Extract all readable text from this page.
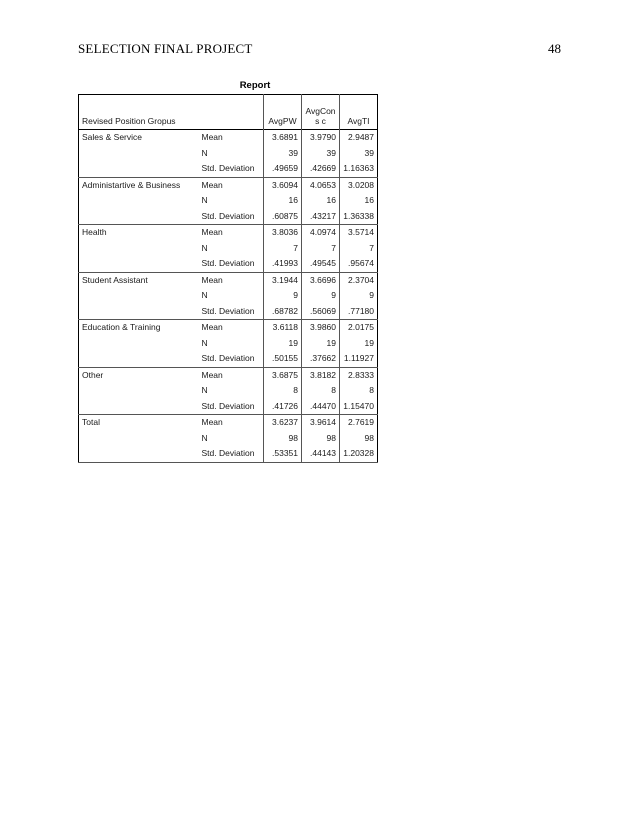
SELECTION FINAL PROJECT	48
Report
Revised Position Gropus		AvgPW	AvgCons c	AvgTI
Sales & Service	Mean	3.6891	3.9790	2.9487
	N	39	39	39
	Std. Deviation	.49659	.42669	1.16363
Administartive & Business	Mean	3.6094	4.0653	3.0208
	N	16	16	16
	Std. Deviation	.60875	.43217	1.36338
Health	Mean	3.8036	4.0974	3.5714
	N	7	7	7
	Std. Deviation	.41993	.49545	.95674
Student Assistant	Mean	3.1944	3.6696	2.3704
	N	9	9	9
	Std. Deviation	.68782	.56069	.77180
Education & Training	Mean	3.6118	3.9860	2.0175
	N	19	19	19
	Std. Deviation	.50155	.37662	1.11927
Other	Mean	3.6875	3.8182	2.8333
	N	8	8	8
	Std. Deviation	.41726	.44470	1.15470
Total	Mean	3.6237	3.9614	2.7619
	N	98	98	98
	Std. Deviation	.53351	.44143	1.20328
